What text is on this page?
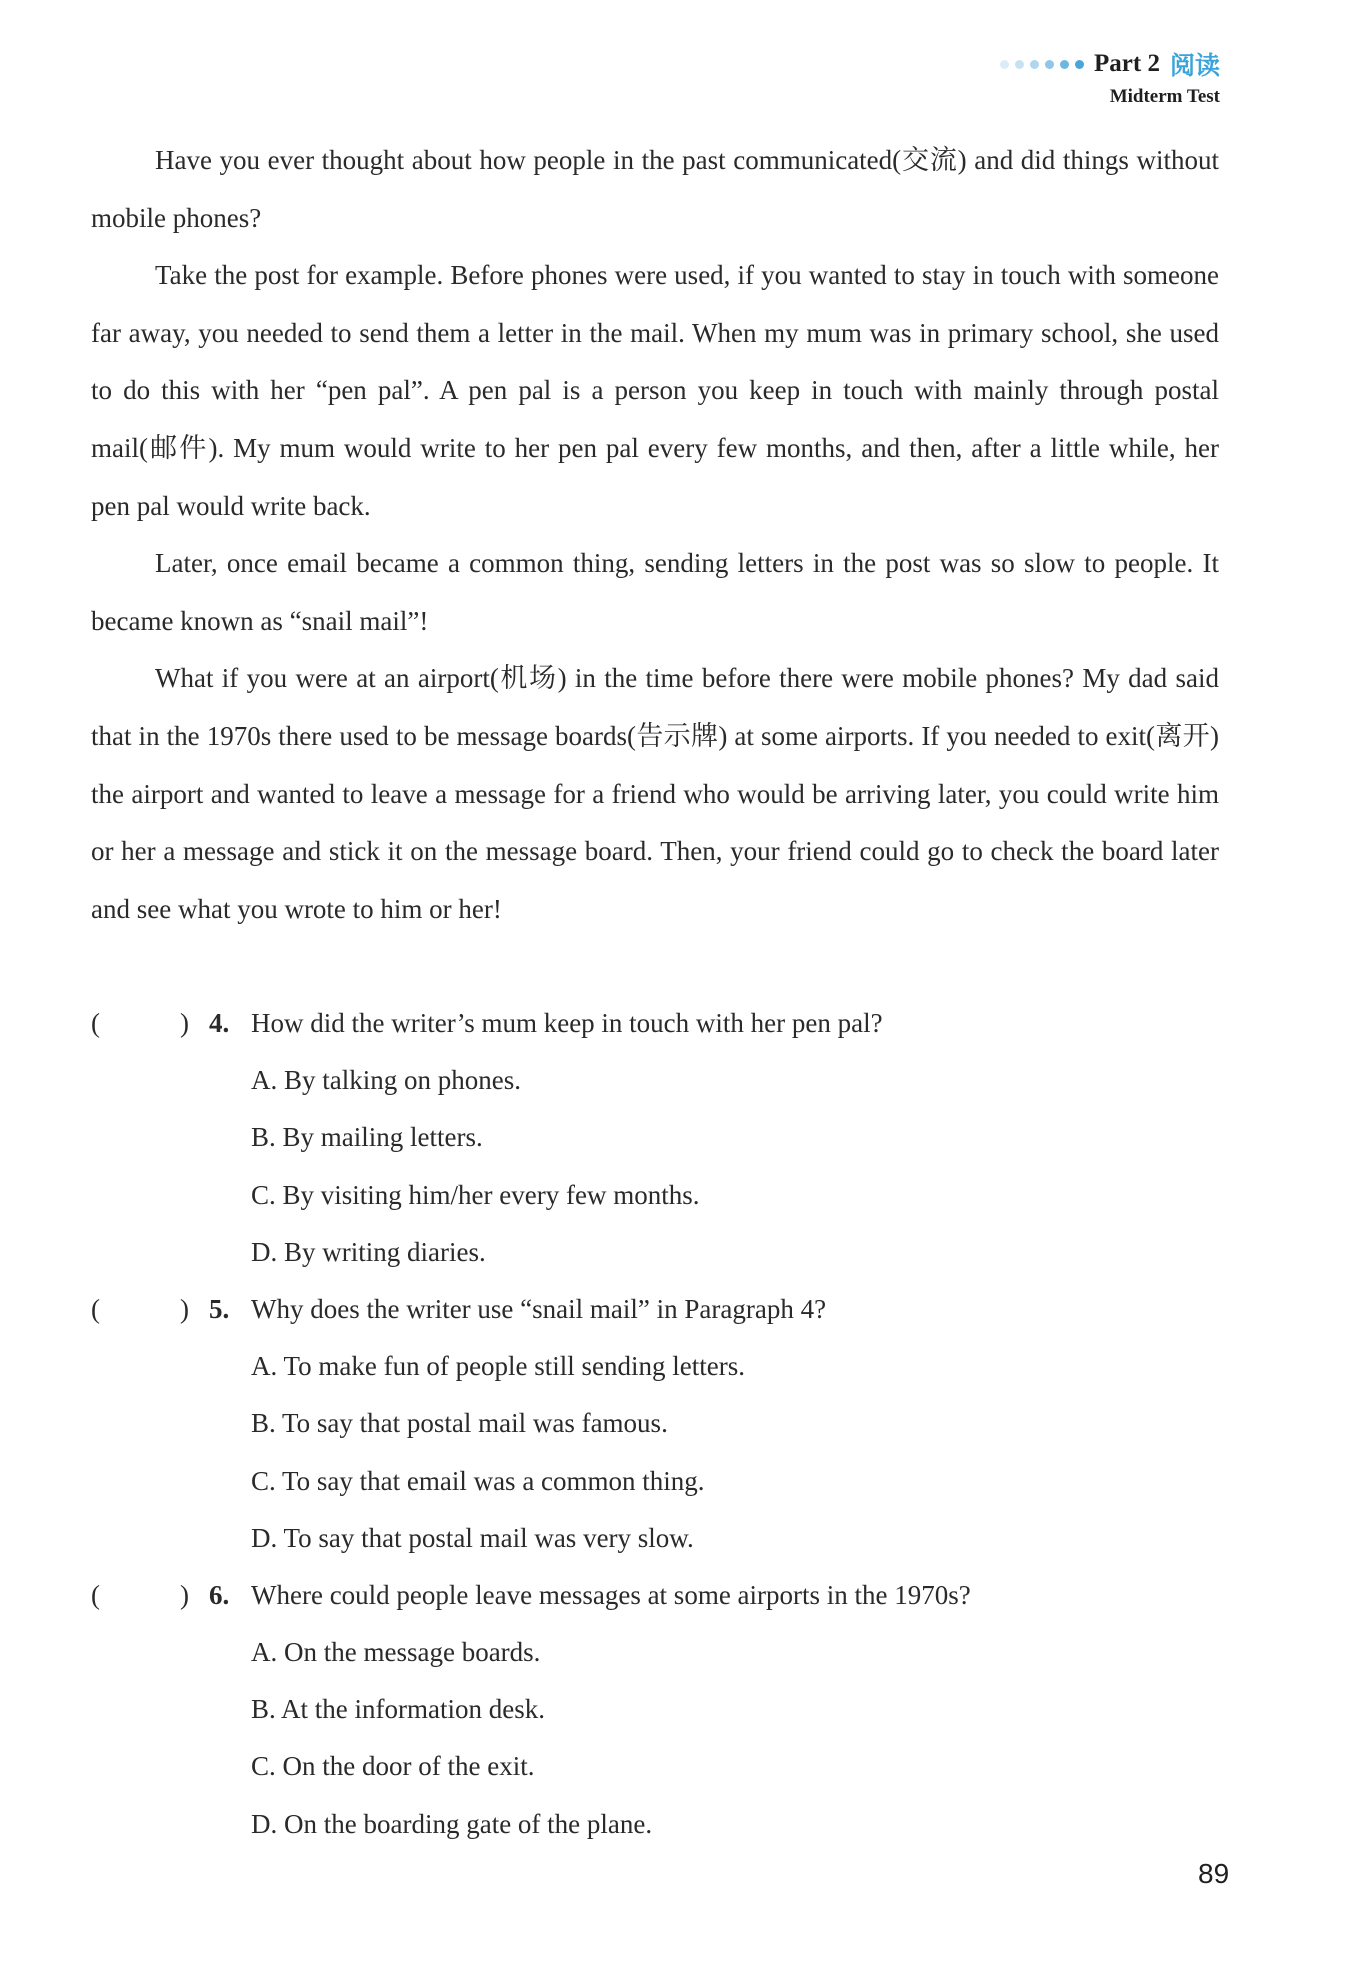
Part 2 阅读
Midterm Test

Have you ever thought about how people in the past communicated(交流) and did things without mobile phones?

Take the post for example. Before phones were used, if you wanted to stay in touch with someone far away, you needed to send them a letter in the mail. When my mum was in primary school, she used to do this with her “pen pal”. A pen pal is a person you keep in touch with mainly through postal mail(邮件). My mum would write to her pen pal every few months, and then, after a little while, her pen pal would write back.

Later, once email became a common thing, sending letters in the post was so slow to people. It became known as “snail mail”!

What if you were at an airport(机场) in the time before there were mobile phones? My dad said that in the 1970s there used to be message boards(告示牌) at some airports. If you needed to exit(离开) the airport and wanted to leave a message for a friend who would be arriving later, you could write him or her a message and stick it on the message board. Then, your friend could go to check the board later and see what you wrote to him or her!

(	) 4. How did the writer’s mum keep in touch with her pen pal?
A. By talking on phones.
B. By mailing letters.
C. By visiting him/her every few months.
D. By writing diaries.
(	) 5. Why does the writer use “snail mail” in Paragraph 4?
A. To make fun of people still sending letters.
B. To say that postal mail was famous.
C. To say that email was a common thing.
D. To say that postal mail was very slow.
(	) 6. Where could people leave messages at some airports in the 1970s?
A. On the message boards.
B. At the information desk.
C. On the door of the exit.
D. On the boarding gate of the plane.
89
